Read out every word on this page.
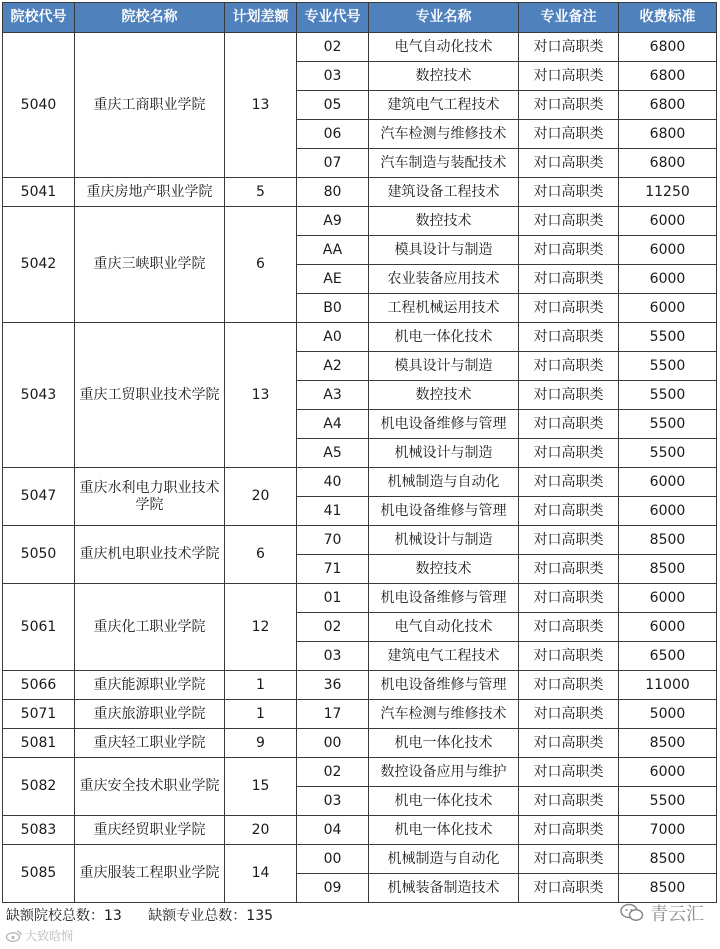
院校代号	院校名称	计划差额	专业代号	专业名称	专业备注	收费标准
5040	重庆工商职业学院	13	02	电气自动化技术	对口高职类	6800
			03	数控技术	对口高职类	6800
			05	建筑电气工程技术	对口高职类	6800
			06	汽车检测与维修技术	对口高职类	6800
			07	汽车制造与装配技术	对口高职类	6800
5041	重庆房地产职业学院	5	80	建筑设备工程技术	对口高职类	11250
5042	重庆三峡职业学院	6	A9	数控技术	对口高职类	6000
			AA	模具设计与制造	对口高职类	6000
			AE	农业装备应用技术	对口高职类	6000
			B0	工程机械运用技术	对口高职类	6000
5043	重庆工贸职业技术学院	13	A0	机电一体化技术	对口高职类	5500
			A2	模具设计与制造	对口高职类	5500
			A3	数控技术	对口高职类	5500
			A4	机电设备维修与管理	对口高职类	5500
			A5	机械设计与制造	对口高职类	5500
5047	重庆水利电力职业技术学院	20	40	机械制造与自动化	对口高职类	6000
			41	机电设备维修与管理	对口高职类	6000
5050	重庆机电职业技术学院	6	70	机械设计与制造	对口高职类	8500
			71	数控技术	对口高职类	8500
5061	重庆化工职业学院	12	01	机电设备维修与管理	对口高职类	6000
			02	电气自动化技术	对口高职类	6000
			03	建筑电气工程技术	对口高职类	6500
5066	重庆能源职业学院	1	36	机电设备维修与管理	对口高职类	11000
5071	重庆旅游职业学院	1	17	汽车检测与维修技术	对口高职类	5000
5081	重庆轻工职业学院	9	00	机电一体化技术	对口高职类	8500
5082	重庆安全技术职业学院	15	02	数控设备应用与维护	对口高职类	6000
			03	机电一体化技术	对口高职类	5500
5083	重庆经贸职业学院	20	04	机电一体化技术	对口高职类	7000
5085	重庆服装工程职业学院	14	00	机械制造与自动化	对口高职类	8500
			09	机械装备制造技术	对口高职类	8500
缺额院校总数：13 缺额专业总数：135	青云汇
大致晗悯
